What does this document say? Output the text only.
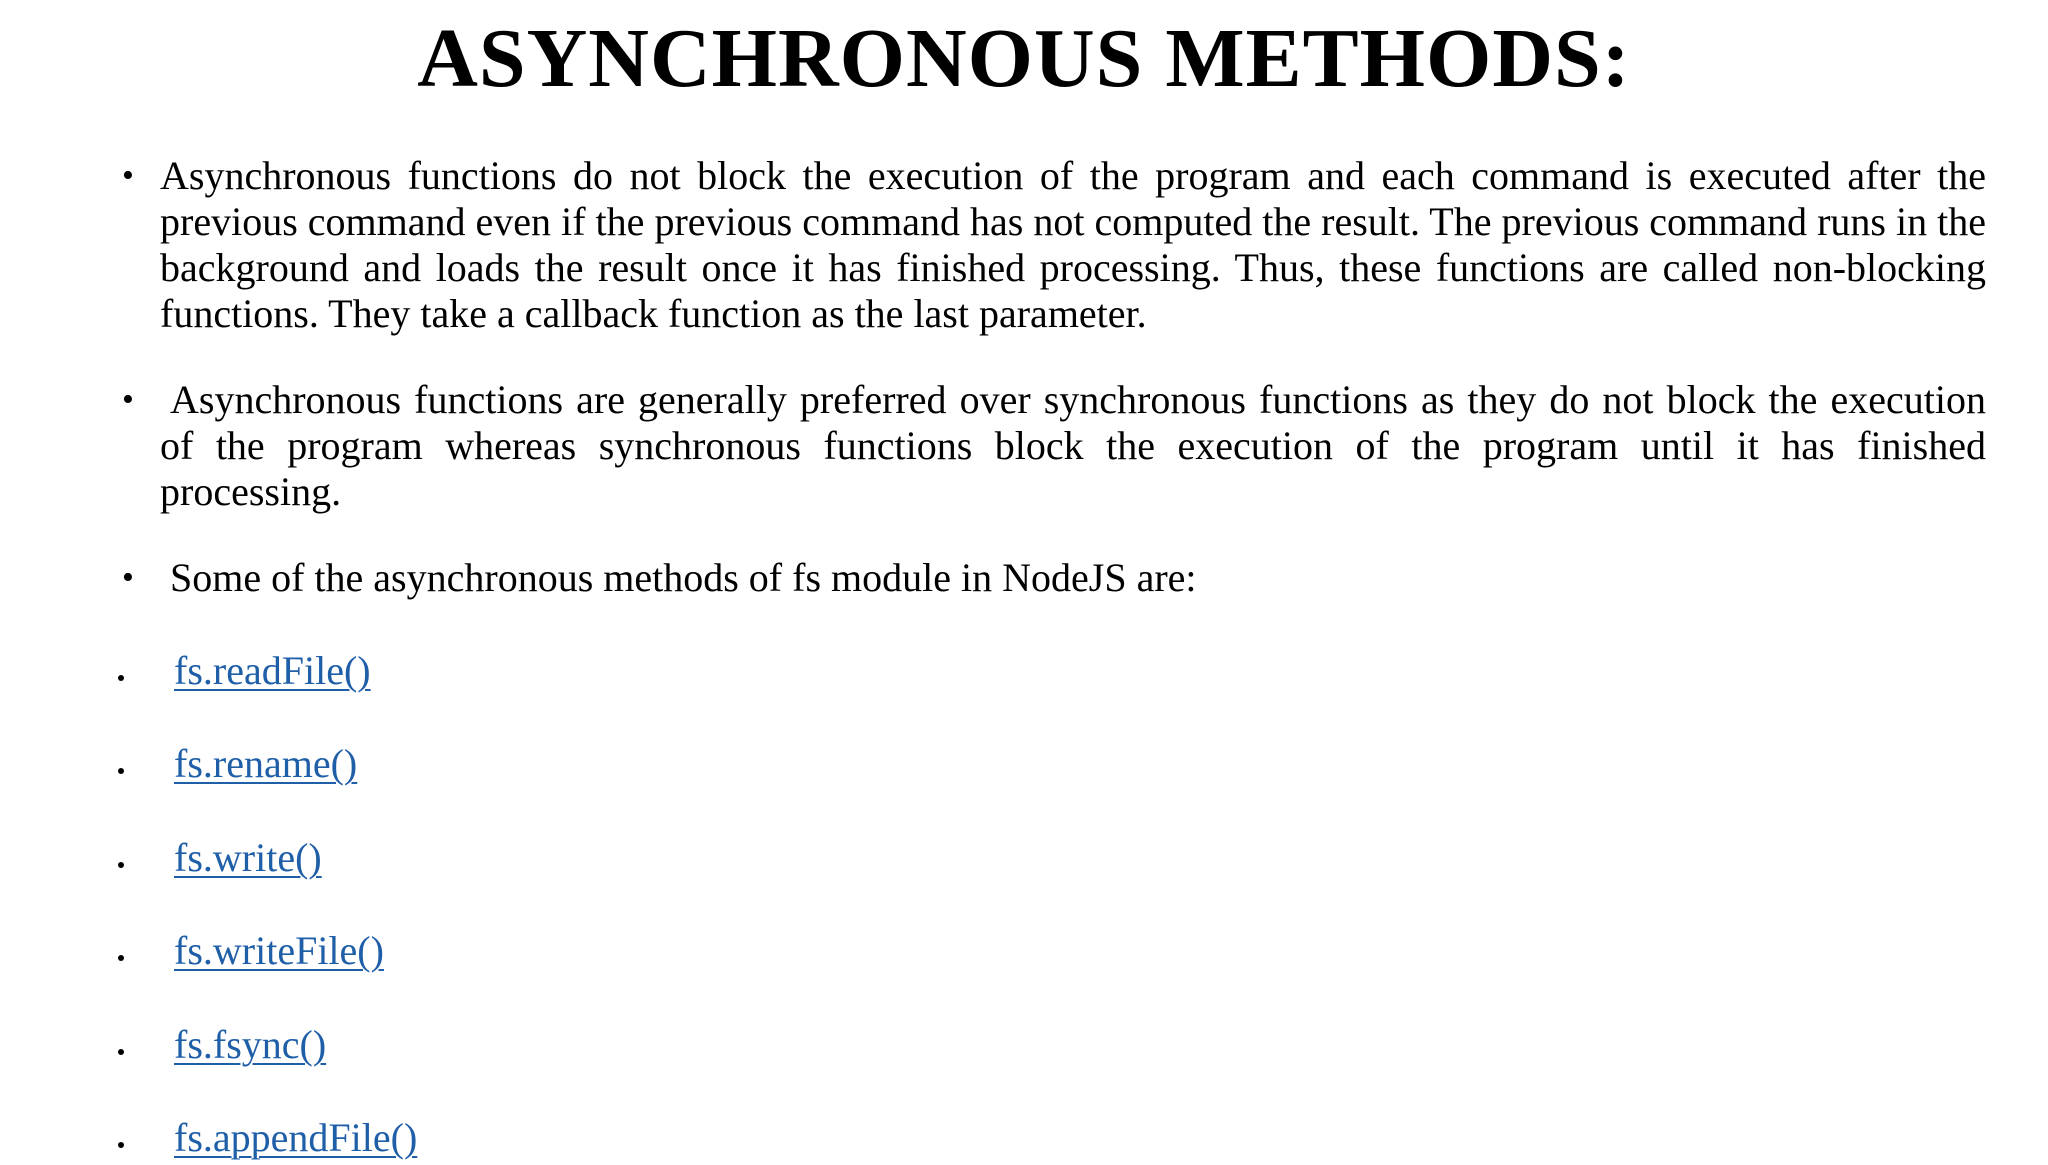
ASYNCHRONOUS METHODS:
• Asynchronous functions do not block the execution of the program and each command is executed after the previous command even if the previous command has not computed the result. The previous command runs in the background and loads the result once it has finished processing. Thus, these functions are called non-blocking functions. They take a callback function as the last parameter.

• Asynchronous functions are generally preferred over synchronous functions as they do not block the execution of the program whereas synchronous functions block the execution of the program until it has finished processing.

• Some of the asynchronous methods of fs module in NodeJS are:

fs.readFile()
fs.rename()
fs.write()
fs.writeFile()
fs.fsync()
fs.appendFile()
